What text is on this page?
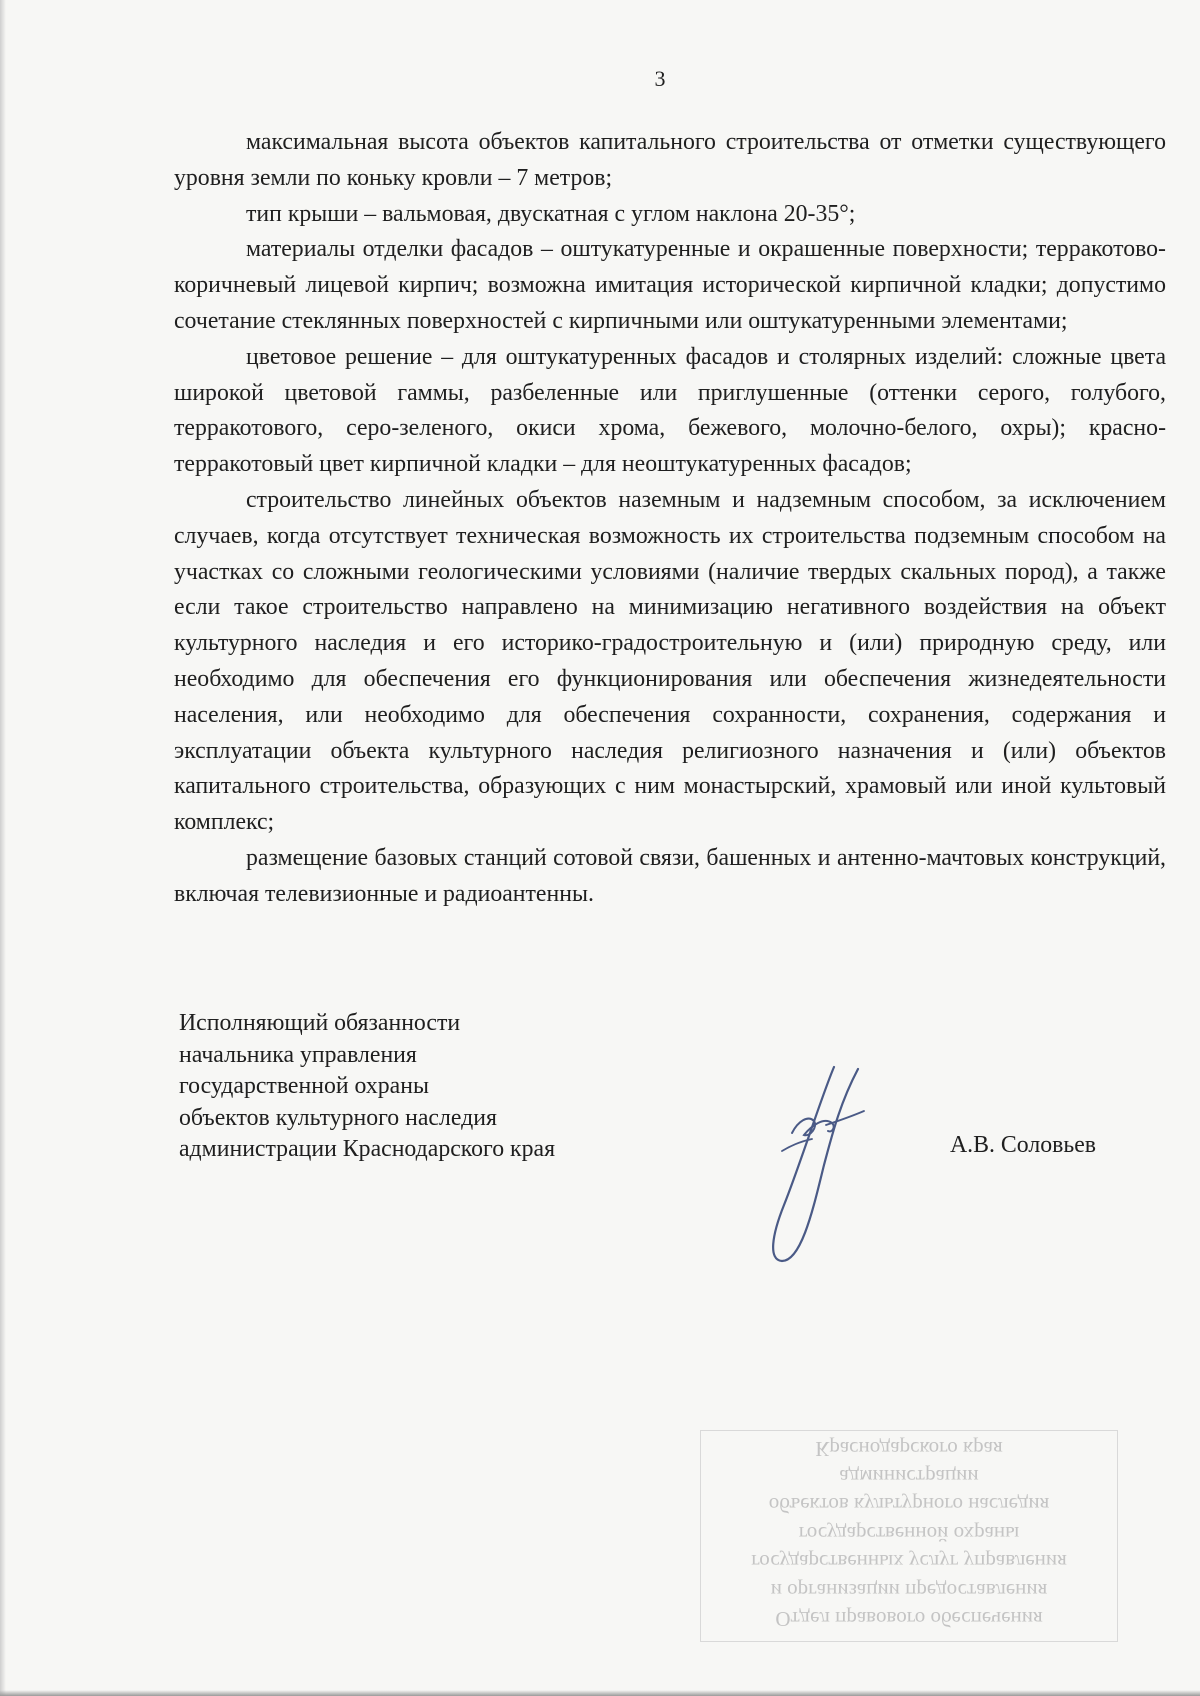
3

максимальная высота объектов капитального строительства от отметки существующего уровня земли по коньку кровли – 7 метров;

тип крыши – вальмовая, двускатная с углом наклона 20-35°;

материалы отделки фасадов – оштукатуренные и окрашенные поверхности; терракотово-коричневый лицевой кирпич; возможна имитация исторической кирпичной кладки; допустимо сочетание стеклянных поверхностей с кирпичными или оштукатуренными элементами;

цветовое решение – для оштукатуренных фасадов и столярных изделий: сложные цвета широкой цветовой гаммы, разбеленные или приглушенные (оттенки серого, голубого, терракотового, серо-зеленого, окиси хрома, бежевого, молочно-белого, охры); красно-терракотовый цвет кирпичной кладки – для неоштукатуренных фасадов;

строительство линейных объектов наземным и надземным способом, за исключением случаев, когда отсутствует техническая возможность их строительства подземным способом на участках со сложными геологическими условиями (наличие твердых скальных пород), а также если такое строительство направлено на минимизацию негативного воздействия на объект культурного наследия и его историко-градостроительную и (или) природную среду, или необходимо для обеспечения его функционирования или обеспечения жизнедеятельности населения, или необходимо для обеспечения сохранности, сохранения, содержания и эксплуатации объекта культурного наследия религиозного назначения и (или) объектов капитального строительства, образующих с ним монастырский, храмовый или иной культовый комплекс;

размещение базовых станций сотовой связи, башенных и антенно-мачтовых конструкций, включая телевизионные и радиоантенны.

Исполняющий обязанности
начальника управления
государственной охраны
объектов культурного наследия
администрации Краснодарского края	А.В. Соловьев
Отдел правового обеспечения
и организации предоставления
государственных услуг управления
государственной охраны
объектов культурного наследия
администрации
Краснодарского края
